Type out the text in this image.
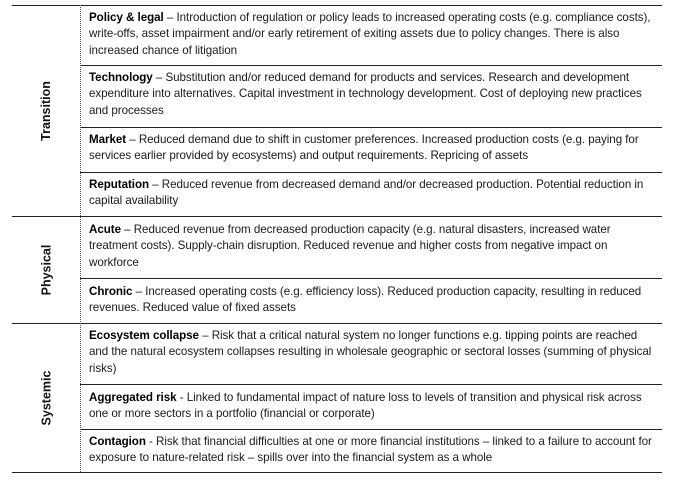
Transition
Physical
Systemic
Policy & legal – Introduction of regulation or policy leads to increased operating costs (e.g. compliance costs), write-offs, asset impairment and/or early retirement of exiting assets due to policy changes. There is also increased chance of litigation
Technology – Substitution and/or reduced demand for products and services. Research and development expenditure into alternatives. Capital investment in technology development. Cost of deploying new practices and processes
Market – Reduced demand due to shift in customer preferences. Increased production costs (e.g. paying for services earlier provided by ecosystems) and output requirements. Repricing of assets
Reputation – Reduced revenue from decreased demand and/or decreased production. Potential reduction in capital availability
Acute – Reduced revenue from decreased production capacity (e.g. natural disasters, increased water treatment costs). Supply-chain disruption. Reduced revenue and higher costs from negative impact on workforce
Chronic – Increased operating costs (e.g. efficiency loss). Reduced production capacity, resulting in reduced revenues. Reduced value of fixed assets
Ecosystem collapse – Risk that a critical natural system no longer functions e.g. tipping points are reached and the natural ecosystem collapses resulting in wholesale geographic or sectoral losses (summing of physical risks)
Aggregated risk - Linked to fundamental impact of nature loss to levels of transition and physical risk across one or more sectors in a portfolio (financial or corporate)
Contagion - Risk that financial difficulties at one or more financial institutions – linked to a failure to account for exposure to nature-related risk – spills over into the financial system as a whole
